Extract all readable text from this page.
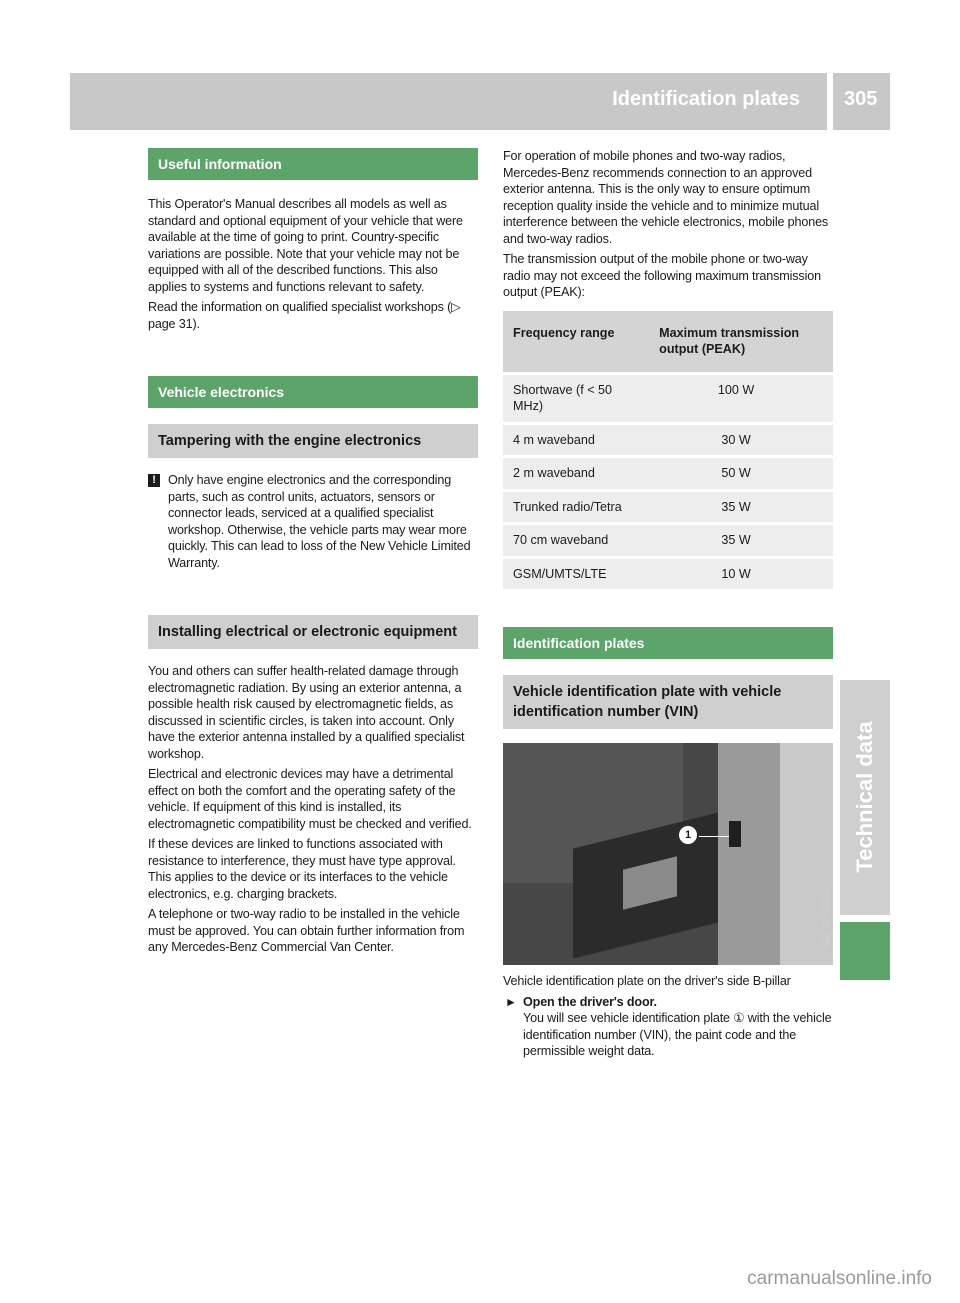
Identification plates 305
Technical data
Useful information

This Operator's Manual describes all models as well as standard and optional equipment of your vehicle that were available at the time of going to print. Country-specific variations are possible. Note that your vehicle may not be equipped with all of the described functions. This also applies to systems and functions relevant to safety.

Read the information on qualified specialist workshops (▷ page 31).

Vehicle electronics
Tampering with the engine electronics
! Only have engine electronics and the corresponding parts, such as control units, actuators, sensors or connector leads, serviced at a qualified specialist workshop. Otherwise, the vehicle parts may wear more quickly. This can lead to loss of the New Vehicle Limited Warranty.
Installing electrical or electronic equipment

You and others can suffer health-related damage through electromagnetic radiation. By using an exterior antenna, a possible health risk caused by electromagnetic fields, as discussed in scientific circles, is taken into account. Only have the exterior antenna installed by a qualified specialist workshop.

Electrical and electronic devices may have a detrimental effect on both the comfort and the operating safety of the vehicle. If equipment of this kind is installed, its electromagnetic compatibility must be checked and verified.

If these devices are linked to functions associated with resistance to interference, they must have type approval. This applies to the device or its interfaces to the vehicle electronics, e.g. charging brackets.

A telephone or two-way radio to be installed in the vehicle must be approved. You can obtain further information from any Mercedes-Benz Commercial Van Center.

For operation of mobile phones and two-way radios, Mercedes-Benz recommends connection to an approved exterior antenna. This is the only way to ensure optimum reception quality inside the vehicle and to minimize mutual interference between the vehicle electronics, mobile phones and two-way radios.

The transmission output of the mobile phone or two-way radio may not exceed the following maximum transmission output (PEAK):

Frequency range	Maximum transmission output (PEAK)
Shortwave (f < 50 MHz)	100 W
4 m waveband	30 W
2 m waveband	50 W
Trunked radio/Tetra	35 W
70 cm waveband	35 W
GSM/UMTS/LTE	10 W
Identification plates
Vehicle identification plate with vehicle identification number (VIN)
1
N00.10-3331-31

Vehicle identification plate on the driver's side B-pillar

► Open the driver's door.
You will see vehicle identification plate ① with the vehicle identification number (VIN), the paint code and the permissible weight data.
carmanualsonline.info
